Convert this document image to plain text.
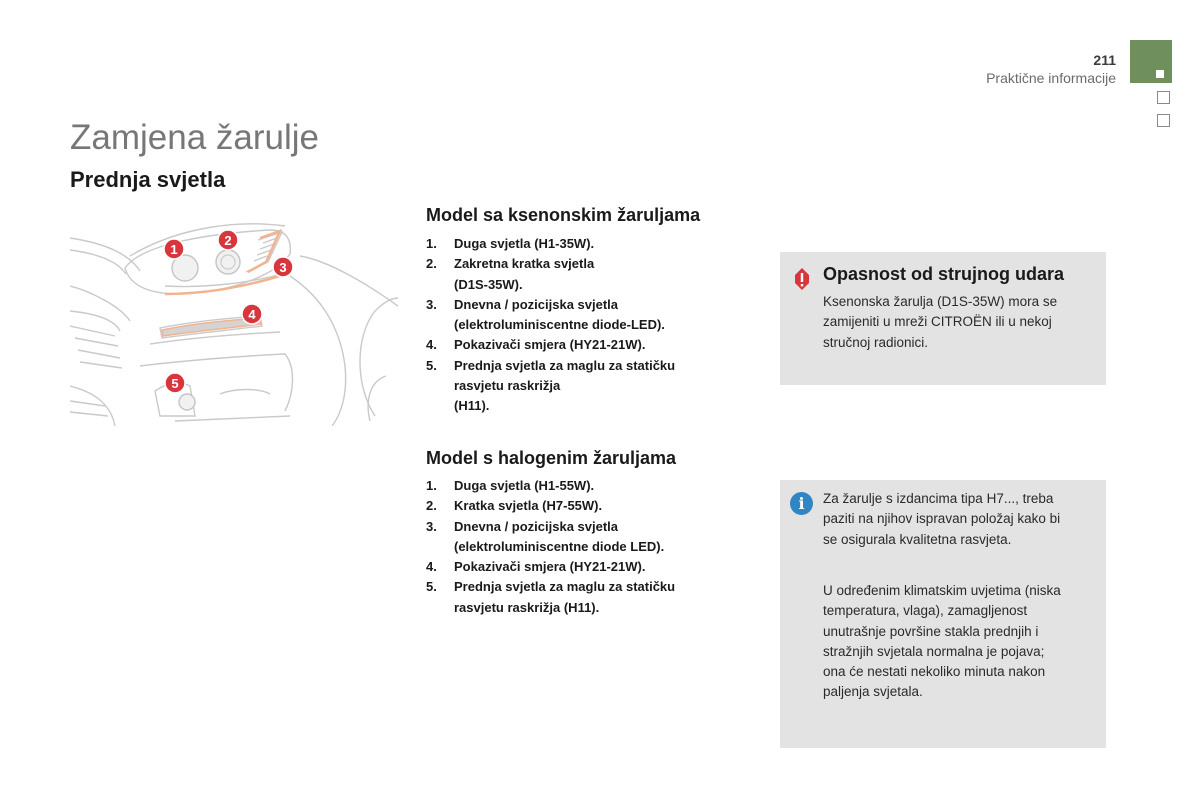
211
Praktične informacije
Zamjena žarulje
Prednja svjetla
1
2
3
4
5
Model sa ksenonskim žaruljama
1. Duga svjetla (H1-35W).
2. Zakretna kratka svjetla
(D1S-35W).
3. Dnevna / pozicijska svjetla
(elektroluminiscentne diode-LED).
4. Pokazivači smjera (HY21-21W).
5. Prednja svjetla za maglu za statičku
rasvjetu raskrižja
(H11).
Model s halogenim žaruljama
1. Duga svjetla (H1-55W).
2. Kratka svjetla (H7-55W).
3. Dnevna / pozicijska svjetla
(elektroluminiscentne diode LED).
4. Pokazivači smjera (HY21-21W).
5. Prednja svjetla za maglu za statičku
rasvjetu raskrižja (H11).
Opasnost od strujnog udara
Ksenonska žarulja (D1S-35W) mora se
zamijeniti u mreži CITROËN ili u nekoj
stručnoj radionici.
i	Za žarulje s izdancima tipa H7..., treba
paziti na njihov ispravan položaj kako bi
se osigurala kvalitetna rasvjeta.
U određenim klimatskim uvjetima (niska
temperatura, vlaga), zamagljenost
unutrašnje površine stakla prednjih i
stražnjih svjetala normalna je pojava;
ona će nestati nekoliko minuta nakon
paljenja svjetala.
